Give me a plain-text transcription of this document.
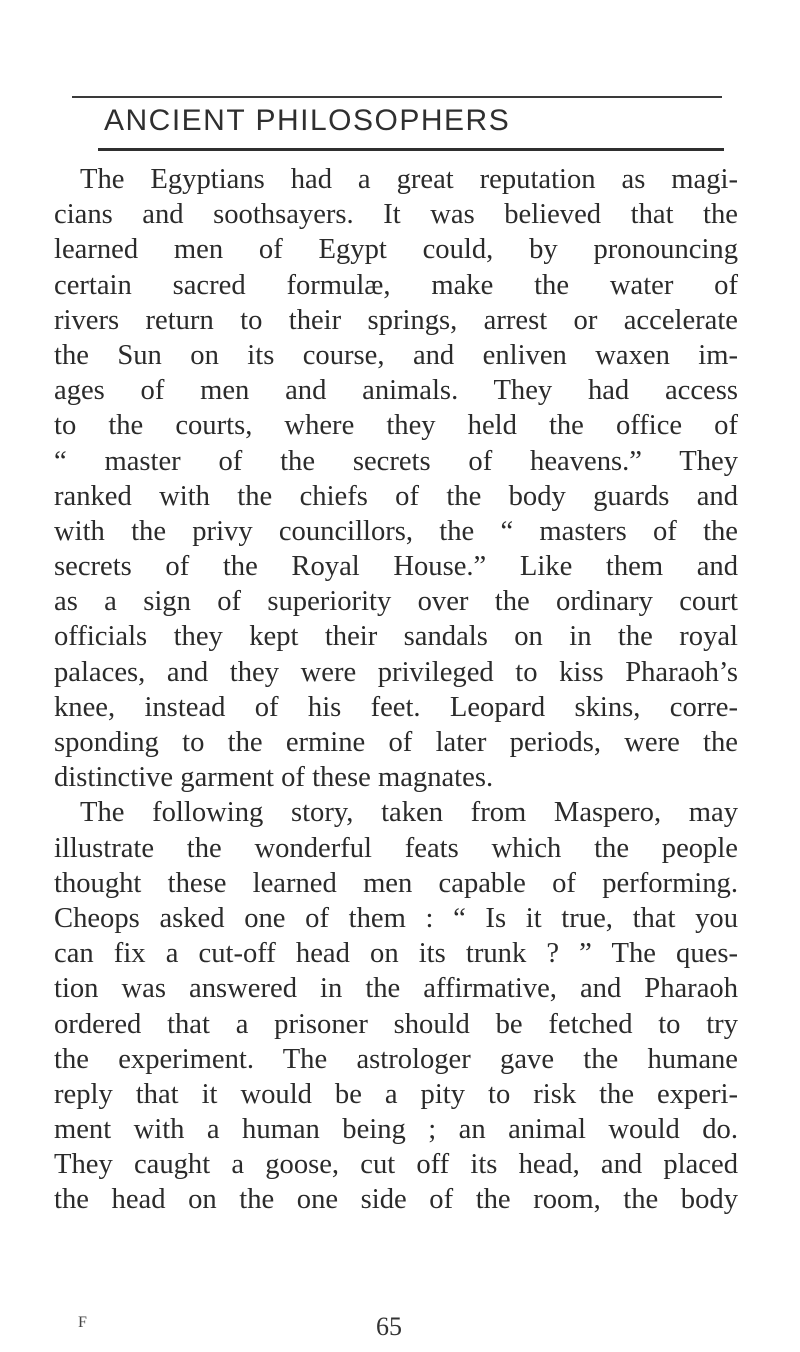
ANCIENT PHILOSOPHERS
The Egyptians had a great reputation as magi-
cians and soothsayers. It was believed that the
learned men of Egypt could, by pronouncing
certain sacred formulæ, make the water of
rivers return to their springs, arrest or accelerate
the Sun on its course, and enliven waxen im-
ages of men and animals. They had access
to the courts, where they held the office of
“ master of the secrets of heavens.” They
ranked with the chiefs of the body guards and
with the privy councillors, the “ masters of the
secrets of the Royal House.” Like them and
as a sign of superiority over the ordinary court
officials they kept their sandals on in the royal
palaces, and they were privileged to kiss Pharaoh’s
knee, instead of his feet. Leopard skins, corre-
sponding to the ermine of later periods, were the
distinctive garment of these magnates.
The following story, taken from Maspero, may
illustrate the wonderful feats which the people
thought these learned men capable of performing.
Cheops asked one of them : “ Is it true, that you
can fix a cut-off head on its trunk ? ” The ques-
tion was answered in the affirmative, and Pharaoh
ordered that a prisoner should be fetched to try
the experiment. The astrologer gave the humane
reply that it would be a pity to risk the experi-
ment with a human being ; an animal would do.
They caught a goose, cut off its head, and placed
the head on the one side of the room, the body
F	65
